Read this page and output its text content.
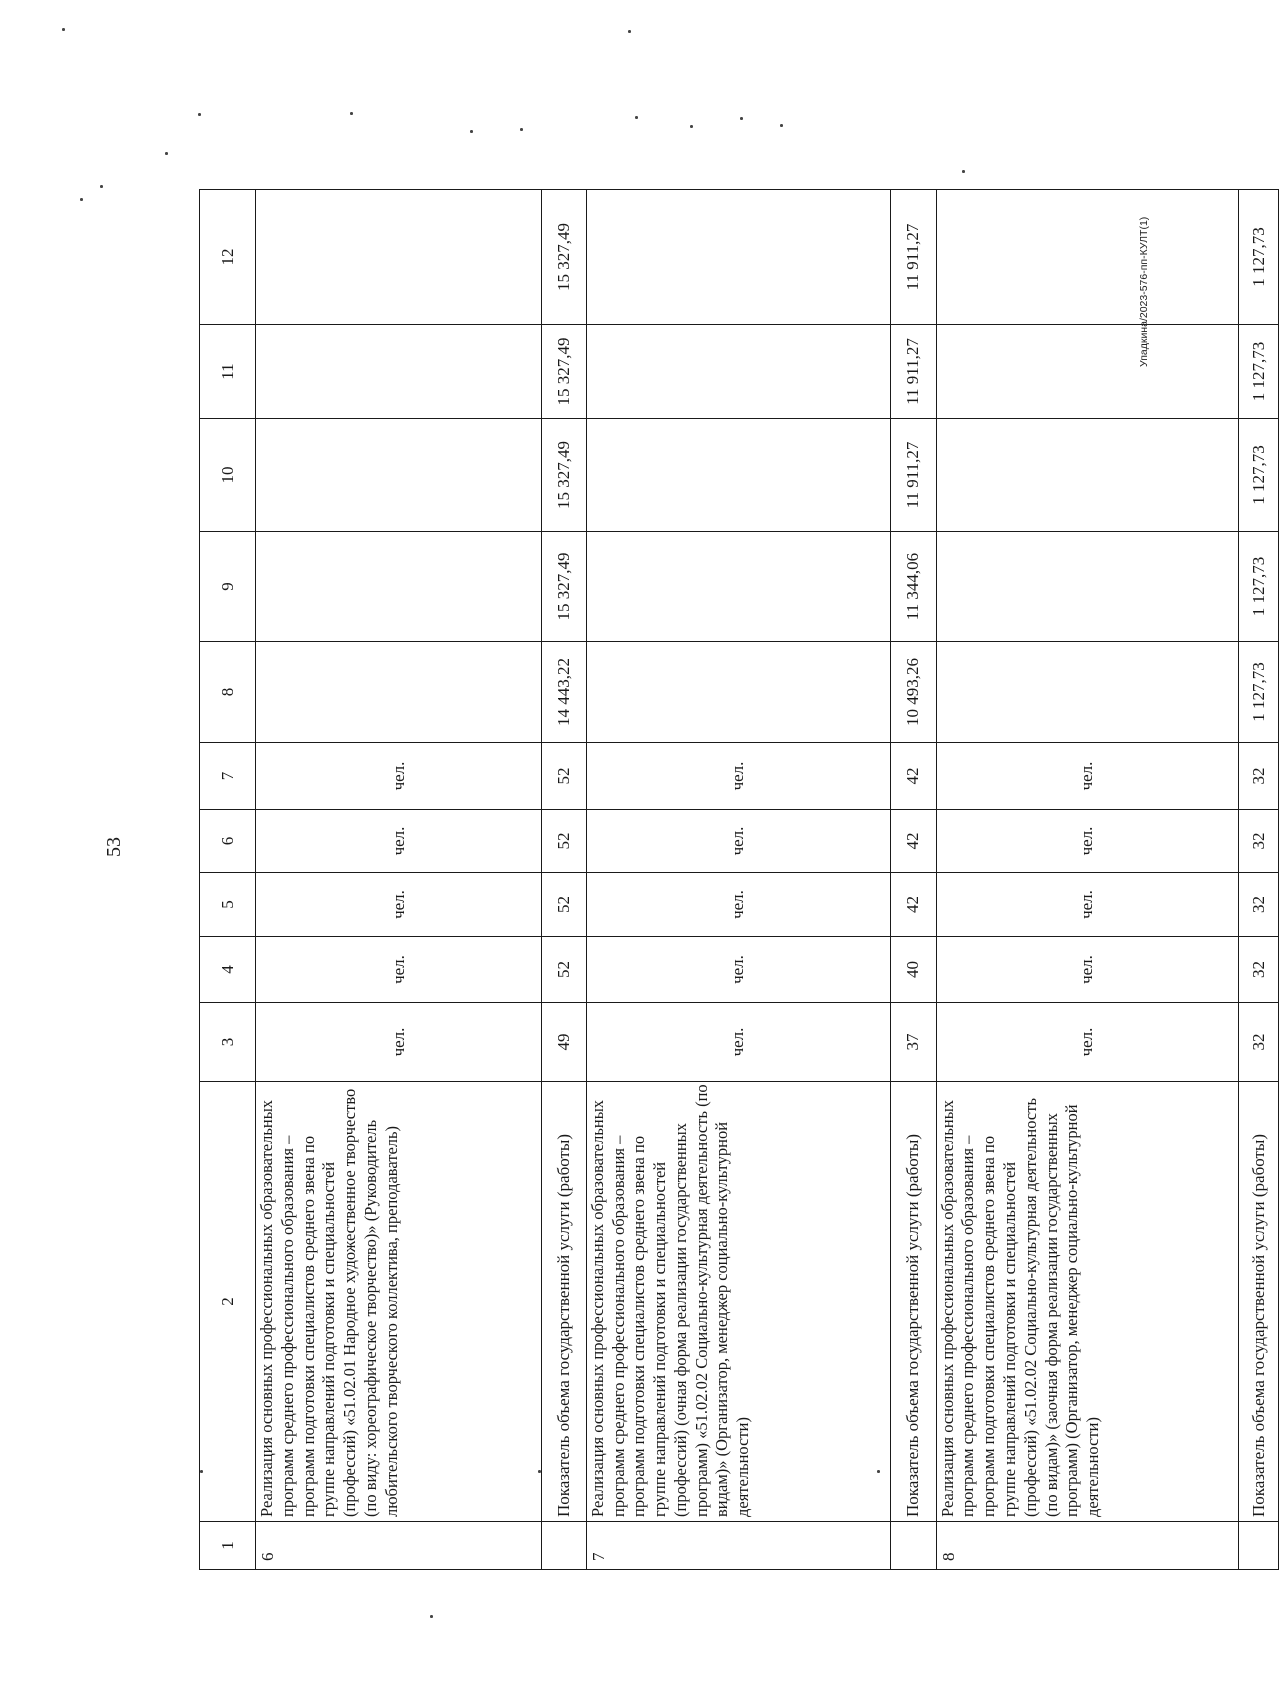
53
Упадкина/2023-576-пп-КУЛТ(1)
1	2	3	4	5	6	7	8	9	10	11	12
6	Реализация основных профессиональных образовательных программ среднего профессионального образования – программ подготовки специалистов среднего звена по группе направлений подготовки и специальностей (профессий) «51.02.01 Народное художественное творчество (по виду: хореографическое творчество)» (Руководитель любительского творческого коллектива, преподаватель)	чел.	чел.	чел.	чел.	чел.					
	Показатель объема государственной услуги (работы)	49	52	52	52	52	14 443,22	15 327,49	15 327,49	15 327,49	15 327,49
7	Реализация основных профессиональных образовательных программ среднего профессионального образования – программ подготовки специалистов среднего звена по группе направлений подготовки и специальностей (профессий) (очная форма реализации государственных программ) «51.02.02 Социально-культурная деятельность (по видам)» (Организатор, менеджер социально-культурной деятельности)	чел.	чел.	чел.	чел.	чел.					
	Показатель объема государственной услуги (работы)	37	40	42	42	42	10 493,26	11 344,06	11 911,27	11 911,27	11 911,27
8	Реализация основных профессиональных образовательных программ среднего профессионального образования – программ подготовки специалистов среднего звена по группе направлений подготовки и специальностей (профессий) «51.02.02 Социально-культурная деятельность (по видам)» (заочная форма реализации государственных программ) (Организатор, менеджер социально-культурной деятельности)	чел.	чел.	чел.	чел.	чел.					
	Показатель объема государственной услуги (работы)	32	32	32	32	32	1 127,73	1 127,73	1 127,73	1 127,73	1 127,73
